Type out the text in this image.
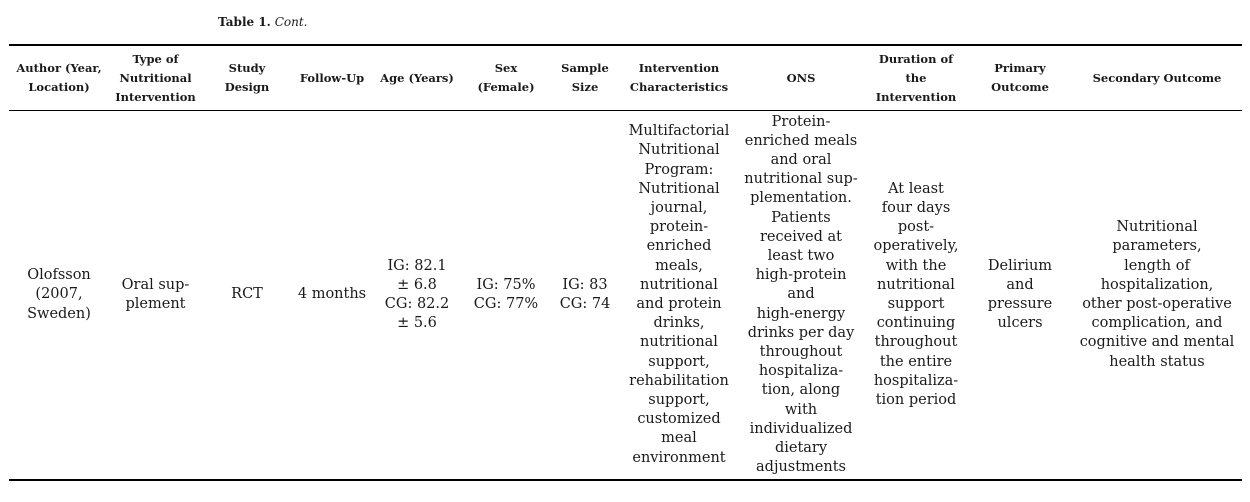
Table 1. Cont.
Author (Year,
Location)
Type of
Nutritional
Intervention
Study
Design
Follow-Up	Age (Years)
Sex
(Female)
Sample
Size
Intervention
Characteristics
ONS
Duration of
the
Intervention
Primary
Outcome
Secondary Outcome
Olofsson
(2007,
Sweden)
Oral sup-
plement
RCT	4 months
IG: 82.1
± 6.8
CG: 82.2
± 5.6
IG: 75%
CG: 77%
IG: 83
CG: 74
Multifactorial
Nutritional
Program:
Nutritional
journal,
protein-
enriched
meals,
nutritional
and protein
drinks,
nutritional
support,
rehabilitation
support,
customized
meal
environment
Protein-
enriched meals
and oral
nutritional sup-
plementation.
Patients
received at
least two
high-protein
and
high-energy
drinks per day
throughout
hospitaliza-
tion, along
with
individualized
dietary
adjustments
At least
four days
post-
operatively,
with the
nutritional
support
continuing
throughout
the entire
hospitaliza-
tion period
Delirium
and
pressure
ulcers
Nutritional
parameters,
length of
hospitalization,
other post-operative
complication, and
cognitive and mental
health status
